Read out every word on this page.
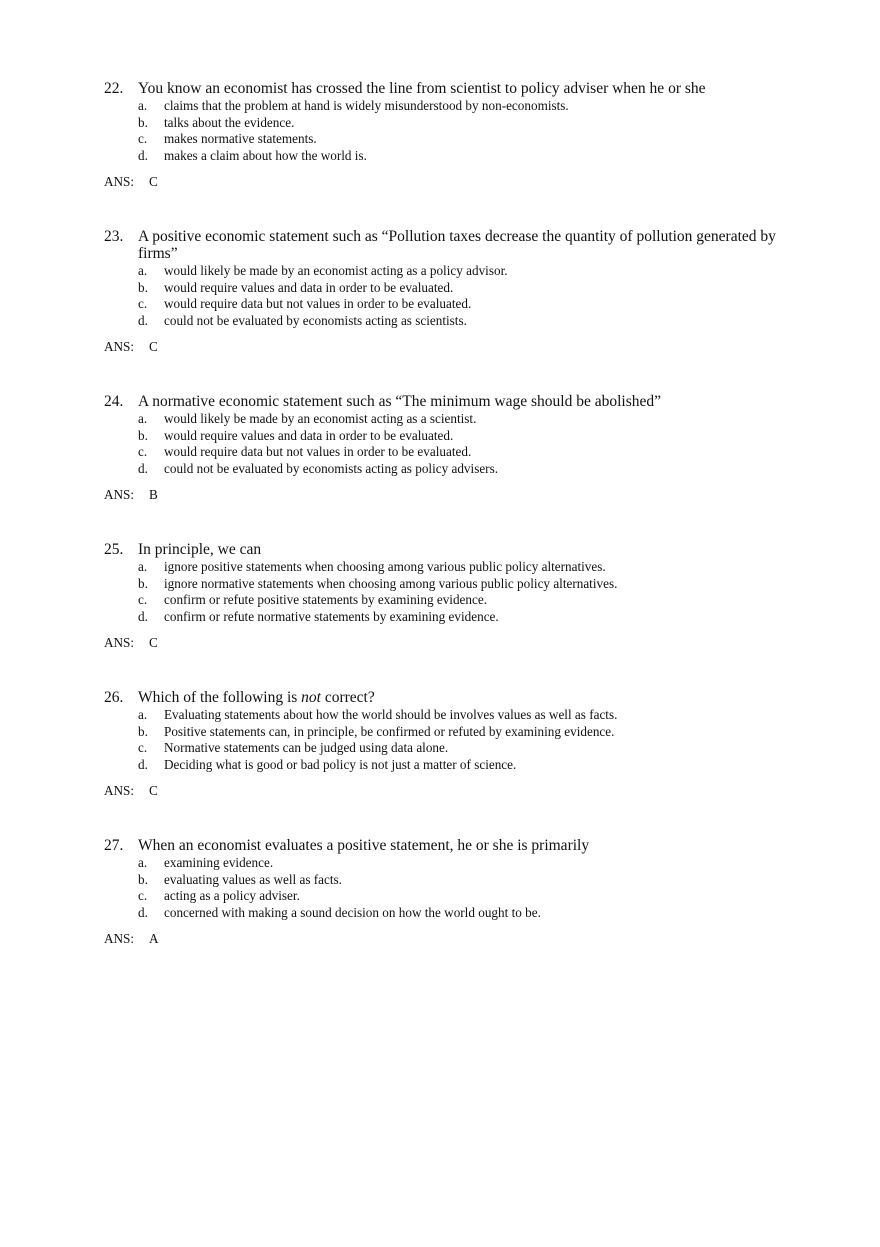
22. You know an economist has crossed the line from scientist to policy adviser when he or she
a.	claims that the problem at hand is widely misunderstood by non-economists.
b.	talks about the evidence.
c.	makes normative statements.
d.	makes a claim about how the world is.
ANS: C
23. A positive economic statement such as “Pollution taxes decrease the quantity of pollution generated by firms”
a.	would likely be made by an economist acting as a policy advisor.
b.	would require values and data in order to be evaluated.
c.	would require data but not values in order to be evaluated.
d.	could not be evaluated by economists acting as scientists.
ANS: C
24. A normative economic statement such as “The minimum wage should be abolished”
a.	would likely be made by an economist acting as a scientist.
b.	would require values and data in order to be evaluated.
c.	would require data but not values in order to be evaluated.
d.	could not be evaluated by economists acting as policy advisers.
ANS: B
25. In principle, we can
a.	ignore positive statements when choosing among various public policy alternatives.
b.	ignore normative statements when choosing among various public policy alternatives.
c.	confirm or refute positive statements by examining evidence.
d.	confirm or refute normative statements by examining evidence.
ANS: C
26. Which of the following is not correct?
a.	Evaluating statements about how the world should be involves values as well as facts.
b.	Positive statements can, in principle, be confirmed or refuted by examining evidence.
c.	Normative statements can be judged using data alone.
d.	Deciding what is good or bad policy is not just a matter of science.
ANS: C
27. When an economist evaluates a positive statement, he or she is primarily
a.	examining evidence.
b.	evaluating values as well as facts.
c.	acting as a policy adviser.
d.	concerned with making a sound decision on how the world ought to be.
ANS: A
